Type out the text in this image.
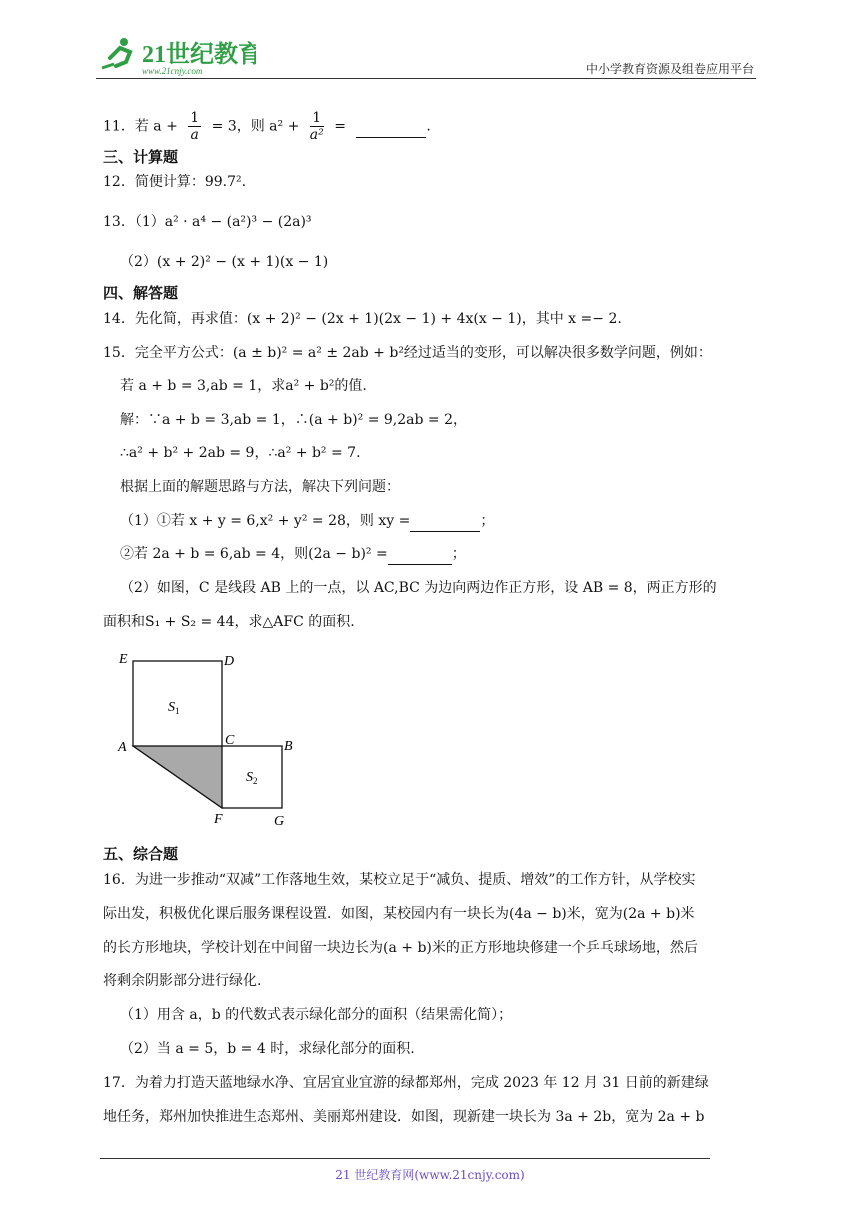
21世纪教育
www.21cnjy.com	中小学教育资源及组卷应用平台
11．若 $a + \frac{1}{a} = 3$，则 $a^2 + \frac{1}{\text{a²}}$ =	.
三、计算题
12．简便计算：99.7².
13．（1）a² · a⁴ − (a²)³ − (2a)³
（2）(x + 2)² − (x + 1)(x − 1)
四、解答题
14．先化简，再求值：(x + 2)² − (2x + 1)(2x − 1) + 4x(x − 1)，其中 x =− 2.
15．完全平方公式：(a ± b)² = a² ± 2ab + b²经过适当的变形，可以解决很多数学问题，例如：
若 a + b = 3,ab = 1，求a² + b²的值.
解：∵a + b = 3,ab = 1，∴(a + b)² = 9,2ab = 2，
∴a² + b² + 2ab = 9，∴a² + b² = 7.
根据上面的解题思路与方法，解决下列问题：
（1）①若 x + y = 6,x² + y² = 28，则 xy =	；
②若 2a + b = 6,ab = 4，则(2a − b)² =	；
（2）如图，C 是线段 AB 上的一点，以 AC,BC 为边向两边作正方形，设 AB = 8，两正方形的
面积和S₁ + S₂ = 44，求△AFC 的面积.
E	D
A	C	B
F	G
$S_1$
$S_2$
五、综合题
16．为进一步推动“双减”工作落地生效，某校立足于“减负、提质、增效”的工作方针，从学校实
际出发，积极优化课后服务课程设置．如图，某校园内有一块长为(4a − b)米，宽为(2a + b)米
的长方形地块，学校计划在中间留一块边长为(a + b)米的正方形地块修建一个乒乓球场地，然后
将剩余阴影部分进行绿化.
（1）用含 a，b 的代数式表示绿化部分的面积（结果需化简）；
（2）当 a = 5，b = 4 时，求绿化部分的面积.
17．为着力打造天蓝地绿水净、宜居宜业宜游的绿都郑州，完成 2023 年 12 月 31 日前的新建绿
地任务，郑州加快推进生态郑州、美丽郑州建设．如图，现新建一块长为 3a + 2b，宽为 2a + b
21 世纪教育网(www.21cnjy.com)
